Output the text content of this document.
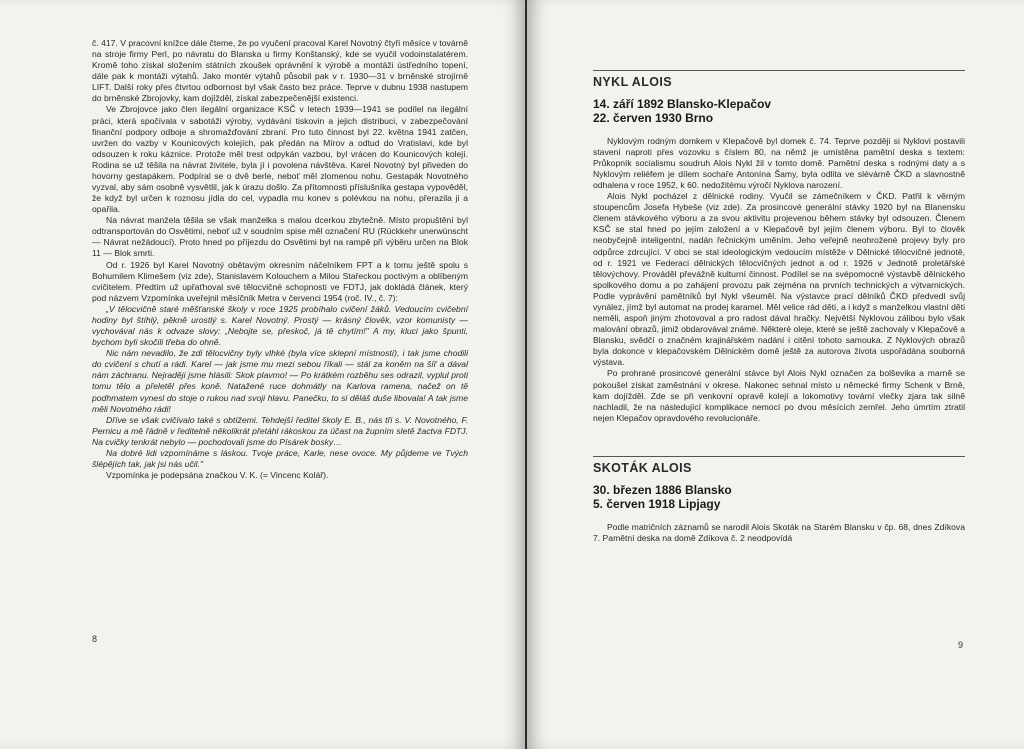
č. 417. V pracovní knížce dále čteme, že po vyučení pracoval Karel Novotný čtyři měsíce v továrně na stroje firmy Perl, po návratu do Blanska u firmy Konštanský, kde se vyučil vodoinstalatérem. Kromě toho získal složením státních zkoušek oprávnění k výrobě a montáži ústředního topení, dále pak k montáži výtahů. Jako montér výtahů působil pak v r. 1930—31 v brněnské strojírně LIFT. Další roky přes čtvrtou odbornost byl však často bez práce. Teprve v dubnu 1938 nastupem do brněnské Zbrojovky, kam dojížděl, získal zabezpečenější existenci.

Ve Zbrojovce jako člen ilegální organizace KSČ v letech 1939—1941 se podílel na ilegální práci, která spočívala v sabotáži výroby, vydávání tiskovin a jejich distribuci, v zabezpečování finanční podpory odboje a shromažďování zbraní. Pro tuto činnost byl 22. května 1941 zatčen, uvržen do vazby v Kounicových kolejích, pak předán na Mírov a odtud do Vratislavi, kde byl odsouzen k roku káznice. Protože měl trest odpykán vazbou, byl vrácen do Kounicových kolejí. Rodina se už těšila na návrat živitele, byla jí i povolena návštěva. Karel Novotný byl přiveden do hovorny gestapákem. Podpíral se o dvě berle, neboť měl zlomenou nohu. Gestapák Novotného vyzval, aby sám osobně vysvětlil, jak k úrazu došlo. Za přítomnosti příslušníka gestapa vypověděl, že když byl určen k roznosu jídla do cel, vypadla mu konev s polévkou na nohu, přerazila ji a opařila.

Na návrat manžela těšila se však manželka s malou dcerkou zbytečně. Místo propuštění byl odtransportován do Osvětimi, neboť už v soudním spise měl označení RU (Rückkehr unerwünscht — Návrat nežádoucí). Proto hned po příjezdu do Osvětimi byl na rampě při výběru určen na Blok 11 — Blok smrti.

Od r. 1926 byl Karel Novotný obětavým okresním náčelníkem FPT a k tomu ještě spolu s Bohumilem Klimešem (viz zde), Stanislavem Kolouchem a Milou Stařeckou poctivým a oblíbeným cvičitelem. Předtím už upřaťhoval své tělocvičné schopnosti ve FDTJ, jak dokládá článek, který pod názvem Vzpomínka uveřejnil měsíčník Metra v červenci 1954 (roč. IV., č. 7):

„V tělocvičně staré měšťanské školy v roce 1925 probíhalo cvičení žáků. Vedoucím cvičební hodiny byl štíhlý, pěkně urostlý s. Karel Novotný. Prostý — krásný člověk, vzor komunisty — vychovával nás k odvaze slovy: „Nebojte se, přeskoč, já tě chytím!" A my, kluci jako špunti, bychom byli skočili třeba do ohně.

Nic nám nevadilo, že zdi tělocvičny byly vlhké (byla více sklepní místností), i tak jsme chodili do cvičení s chutí a rádi. Karel — jak jsme mu mezi sebou říkali — stál za koněm na šíř a dával nám záchranu. Nejraději jsme hlásili: Skok plavmo! — Po krátkém rozběhu ses odrazil, vyplul proti tomu tělo a přeletěl přes koně. Natažené ruce dohmátly na Karlova ramena, načež on tě podhmatem vynesl do stoje o rukou nad svoji hlavu. Panečku, to si děláš duše libovala! A tak jsme měli Novotného rádi!

Dříve se však cvičívalo také s obtížemi. Tehdejší ředitel školy E. B., nás tři s. V. Novotného, F. Pernicu a mě řádně v ředitelně několikrát přetáhl rákoskou za účast na župním sletě žactva FDTJ. Na cvičky tenkrát nebylo — pochodovali jsme do Písárek bosky…

Na dobré lidi vzpomínáme s láskou. Tvoje práce, Karle, nese ovoce. My půjdeme ve Tvých šlépějích tak, jak jsi nás učil."

Vzpomínka je podepsána značkou V. K. (= Vincenc Kolář).

8
NYKL ALOIS
14. září 1892 Blansko-Klepačov
22. červen 1930 Brno

Nyklovým rodným domkem v Klepačově byl domek č. 74. Teprve později si Nyklovi postavili stavení naproti přes vozovku s číslem 80, na němž je umístěna pamětní deska s textem: Průkopník socialismu soudruh Alois Nykl žil v tomto domě. Pamětní deska s rodnými daty a s Nyklovým reliéfem je dílem sochaře Antonína Šamy, byla odlita ve slévárně ČKD a slavnostně odhalena v roce 1952, k 60. nedožitému výročí Nyklova narození.

Alois Nykl pocházel z dělnické rodiny. Vyučil se zámečníkem v ČKD. Patřil k věrným stoupencům Josefa Hybeše (viz zde). Za prosincové generální stávky 1920 byl na Blanensku členem stávkového výboru a za svou aktivitu projevenou během stávky byl odsouzen. Členem KSČ se stal hned po jejím založení a v Klepačově byl jejím členem výboru. Byl to člověk neobyčejně inteligentní, nadán řečnickým uměním. Jeho veřejně neohrožené projevy byly pro odpůrce zdrcující. V obci se stal ideologickým vedoucím místěže v Dělnické tělocvičné jednotě, od r. 1921 ve Federaci dělnických tělocvičných jednot a od r. 1926 v Jednotě proletářské tělovýchovy. Prováděl převážně kulturní činnost. Podílel se na svépomocné výstavbě dělnického spolkového domu a po zahájení provozu pak zejména na prvních technických a výtvarnických. Podle vyprávění pamětníků byl Nykl všeuměl. Na výstavce prací dělníků ČKD předvedl svůj vynález, jímž byl automat na prodej karamel. Měl velice rád děti, a i když s manželkou vlastní děti neměli, aspoň jiným zhotovoval a pro radost dával hračky. Největší Nyklovou zálibou bylo však malování obrazů, jimiž obdarovával známé. Některé oleje, které se ještě zachovaly v Klepačově a Blansku, svědčí o značném krajinářském nadání i citění tohoto samouka. Z Nyklových obrazů byla dokonce v klepačovském Dělnickém domě ještě za autorova života uspořádána souborná výstava.

Po prohrané prosincové generální stávce byl Alois Nykl označen za bolševika a marně se pokoušel získat zaměstnání v okrese. Nakonec sehnal místo u německé firmy Schenk v Brně, kam dojížděl. Zde se při venkovní opravě kolejí a lokomotivy tovární vlečky zjara tak silně nachladil, že na následující komplikace nemocí po dvou měsících zemřel. Jeho úmrtím ztratil nejen Klepačov opravdového revolucionáře.

SKOTÁK ALOIS
30. březen 1886 Blansko
5. červen 1918 Lipjagy

Podle matričních záznamů se narodil Alois Skoták na Starém Blansku v čp. 68, dnes Zdíkova 7. Pamětní deska na domě Zdíkova č. 2 neodpovídá

9
